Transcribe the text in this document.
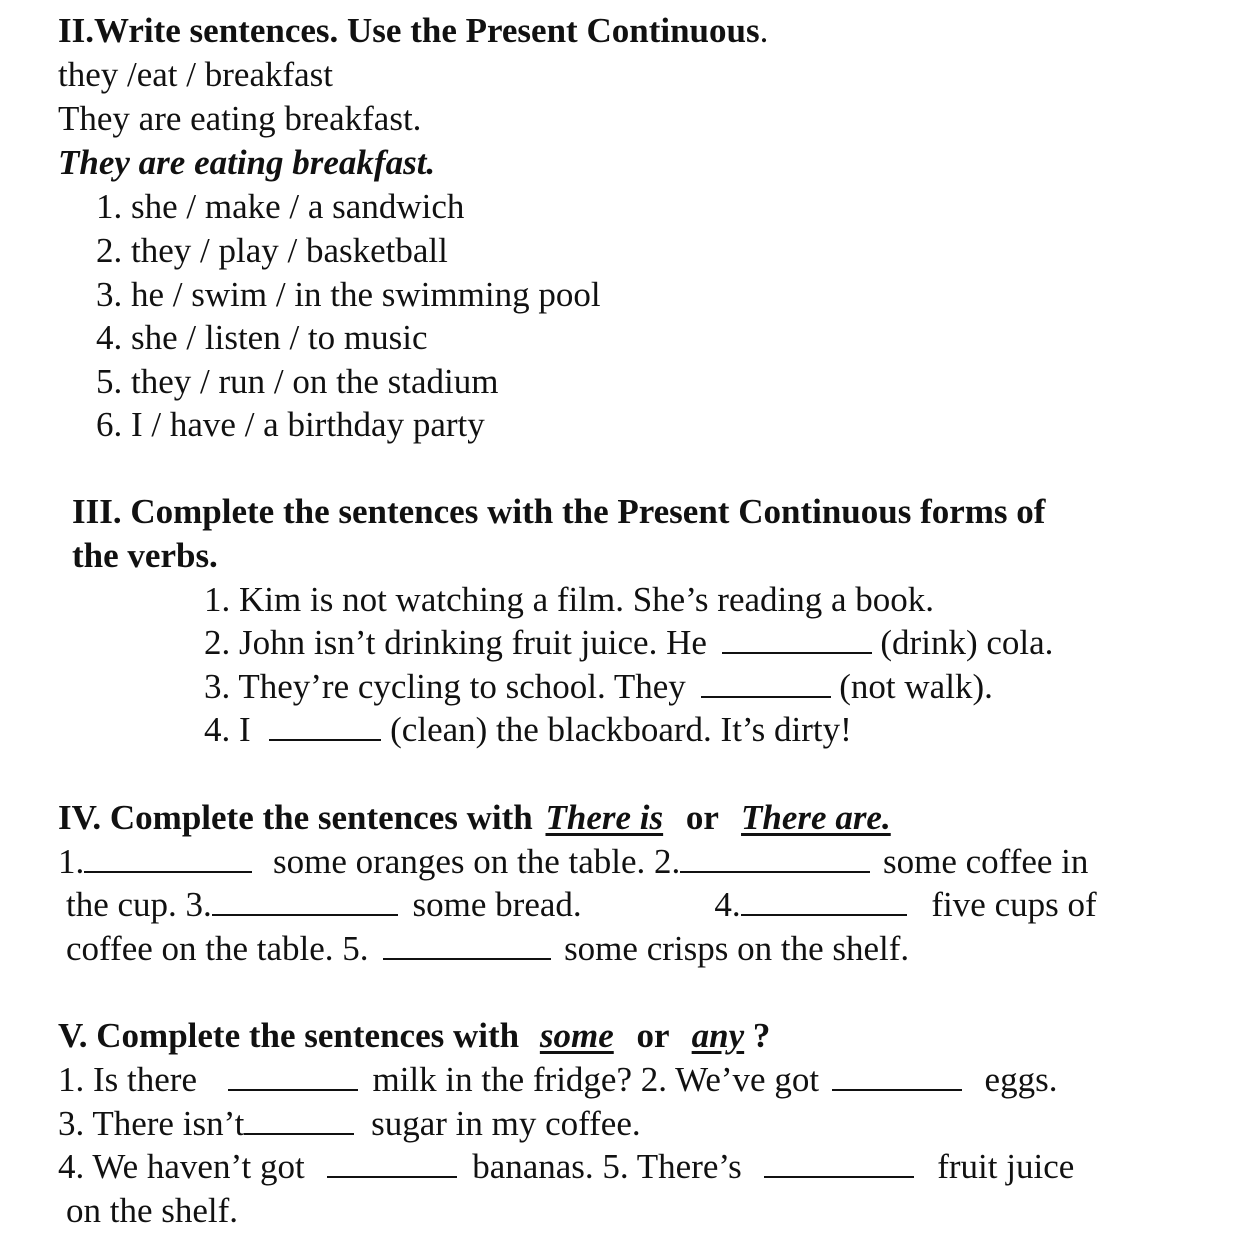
II.Write sentences. Use the Present Continuous.
they /eat / breakfast
They are eating breakfast.
They are eating breakfast.
1. she / make / a sandwich
2. they / play / basketball
3. he / swim / in the swimming pool
4. she / listen / to music
5. they / run / on the stadium
6. I / have / a birthday party
III. Complete the sentences with the Present Continuous forms of
the verbs.
1. Kim is not watching a film. She’s reading a book.
2. John isn’t drinking fruit juice. He	(drink) cola.
3. They’re cycling to school. They	(not walk).
4. I	(clean) the blackboard. It’s dirty!
IV. Complete the sentences with There is or There are.
1.	some oranges on the table. 2.	some coffee in
the cup. 3.	some bread.	4.	five cups of
coffee on the table. 5.	some crisps on the shelf.
V. Complete the sentences with some or any ?
1. Is there	milk in the fridge? 2. We’ve got	eggs.
3. There isn’t	sugar in my coffee.
4. We haven’t got	bananas. 5. There’s	fruit juice
on the shelf.
